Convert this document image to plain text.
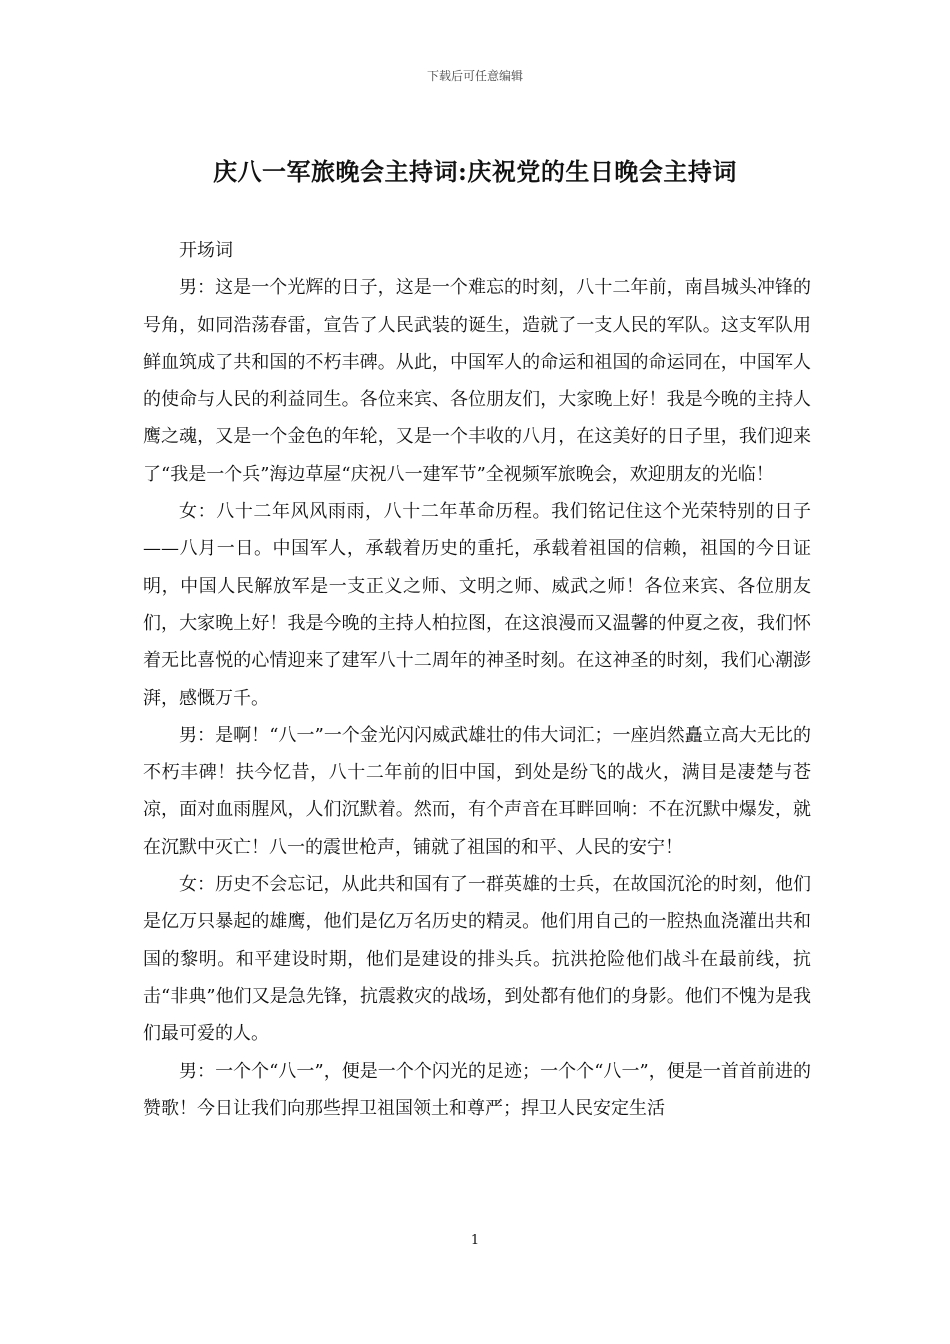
下载后可任意编辑
庆八一军旅晚会主持词:庆祝党的生日晚会主持词

开场词

男：这是一个光辉的日子，这是一个难忘的时刻，八十二年前，南昌城头冲锋的号角，如同浩荡春雷，宣告了人民武装的诞生，造就了一支人民的军队。这支军队用鲜血筑成了共和国的不朽丰碑。从此，中国军人的命运和祖国的命运同在，中国军人的使命与人民的利益同生。各位来宾、各位朋友们，大家晚上好！我是今晚的主持人鹰之魂，又是一个金色的年轮，又是一个丰收的八月，在这美好的日子里，我们迎来了“我是一个兵”海边草屋“庆祝八一建军节”全视频军旅晚会，欢迎朋友的光临！

女：八十二年风风雨雨，八十二年革命历程。我们铭记住这个光荣特别的日子——八月一日。中国军人，承载着历史的重托，承载着祖国的信赖，祖国的今日证明，中国人民解放军是一支正义之师、文明之师、威武之师！各位来宾、各位朋友们，大家晚上好！我是今晚的主持人柏拉图，在这浪漫而又温馨的仲夏之夜，我们怀着无比喜悦的心情迎来了建军八十二周年的神圣时刻。在这神圣的时刻，我们心潮澎湃，感慨万千。

男：是啊！“八一”一个金光闪闪威武雄壮的伟大词汇；一座岿然矗立高大无比的不朽丰碑！扶今忆昔，八十二年前的旧中国，到处是纷飞的战火，满目是凄楚与苍凉，面对血雨腥风，人们沉默着。然而，有个声音在耳畔回响：不在沉默中爆发，就在沉默中灭亡！八一的震世枪声，铺就了祖国的和平、人民的安宁！

女：历史不会忘记，从此共和国有了一群英雄的士兵，在故国沉沦的时刻，他们是亿万只暴起的雄鹰，他们是亿万名历史的精灵。他们用自己的一腔热血浇灌出共和国的黎明。和平建设时期，他们是建设的排头兵。抗洪抢险他们战斗在最前线，抗击“非典”他们又是急先锋，抗震救灾的战场，到处都有他们的身影。他们不愧为是我们最可爱的人。

男：一个个“八一”，便是一个个闪光的足迹；一个个“八一”，便是一首首前进的赞歌！今日让我们向那些捍卫祖国领土和尊严；捍卫人民安定生活

1
